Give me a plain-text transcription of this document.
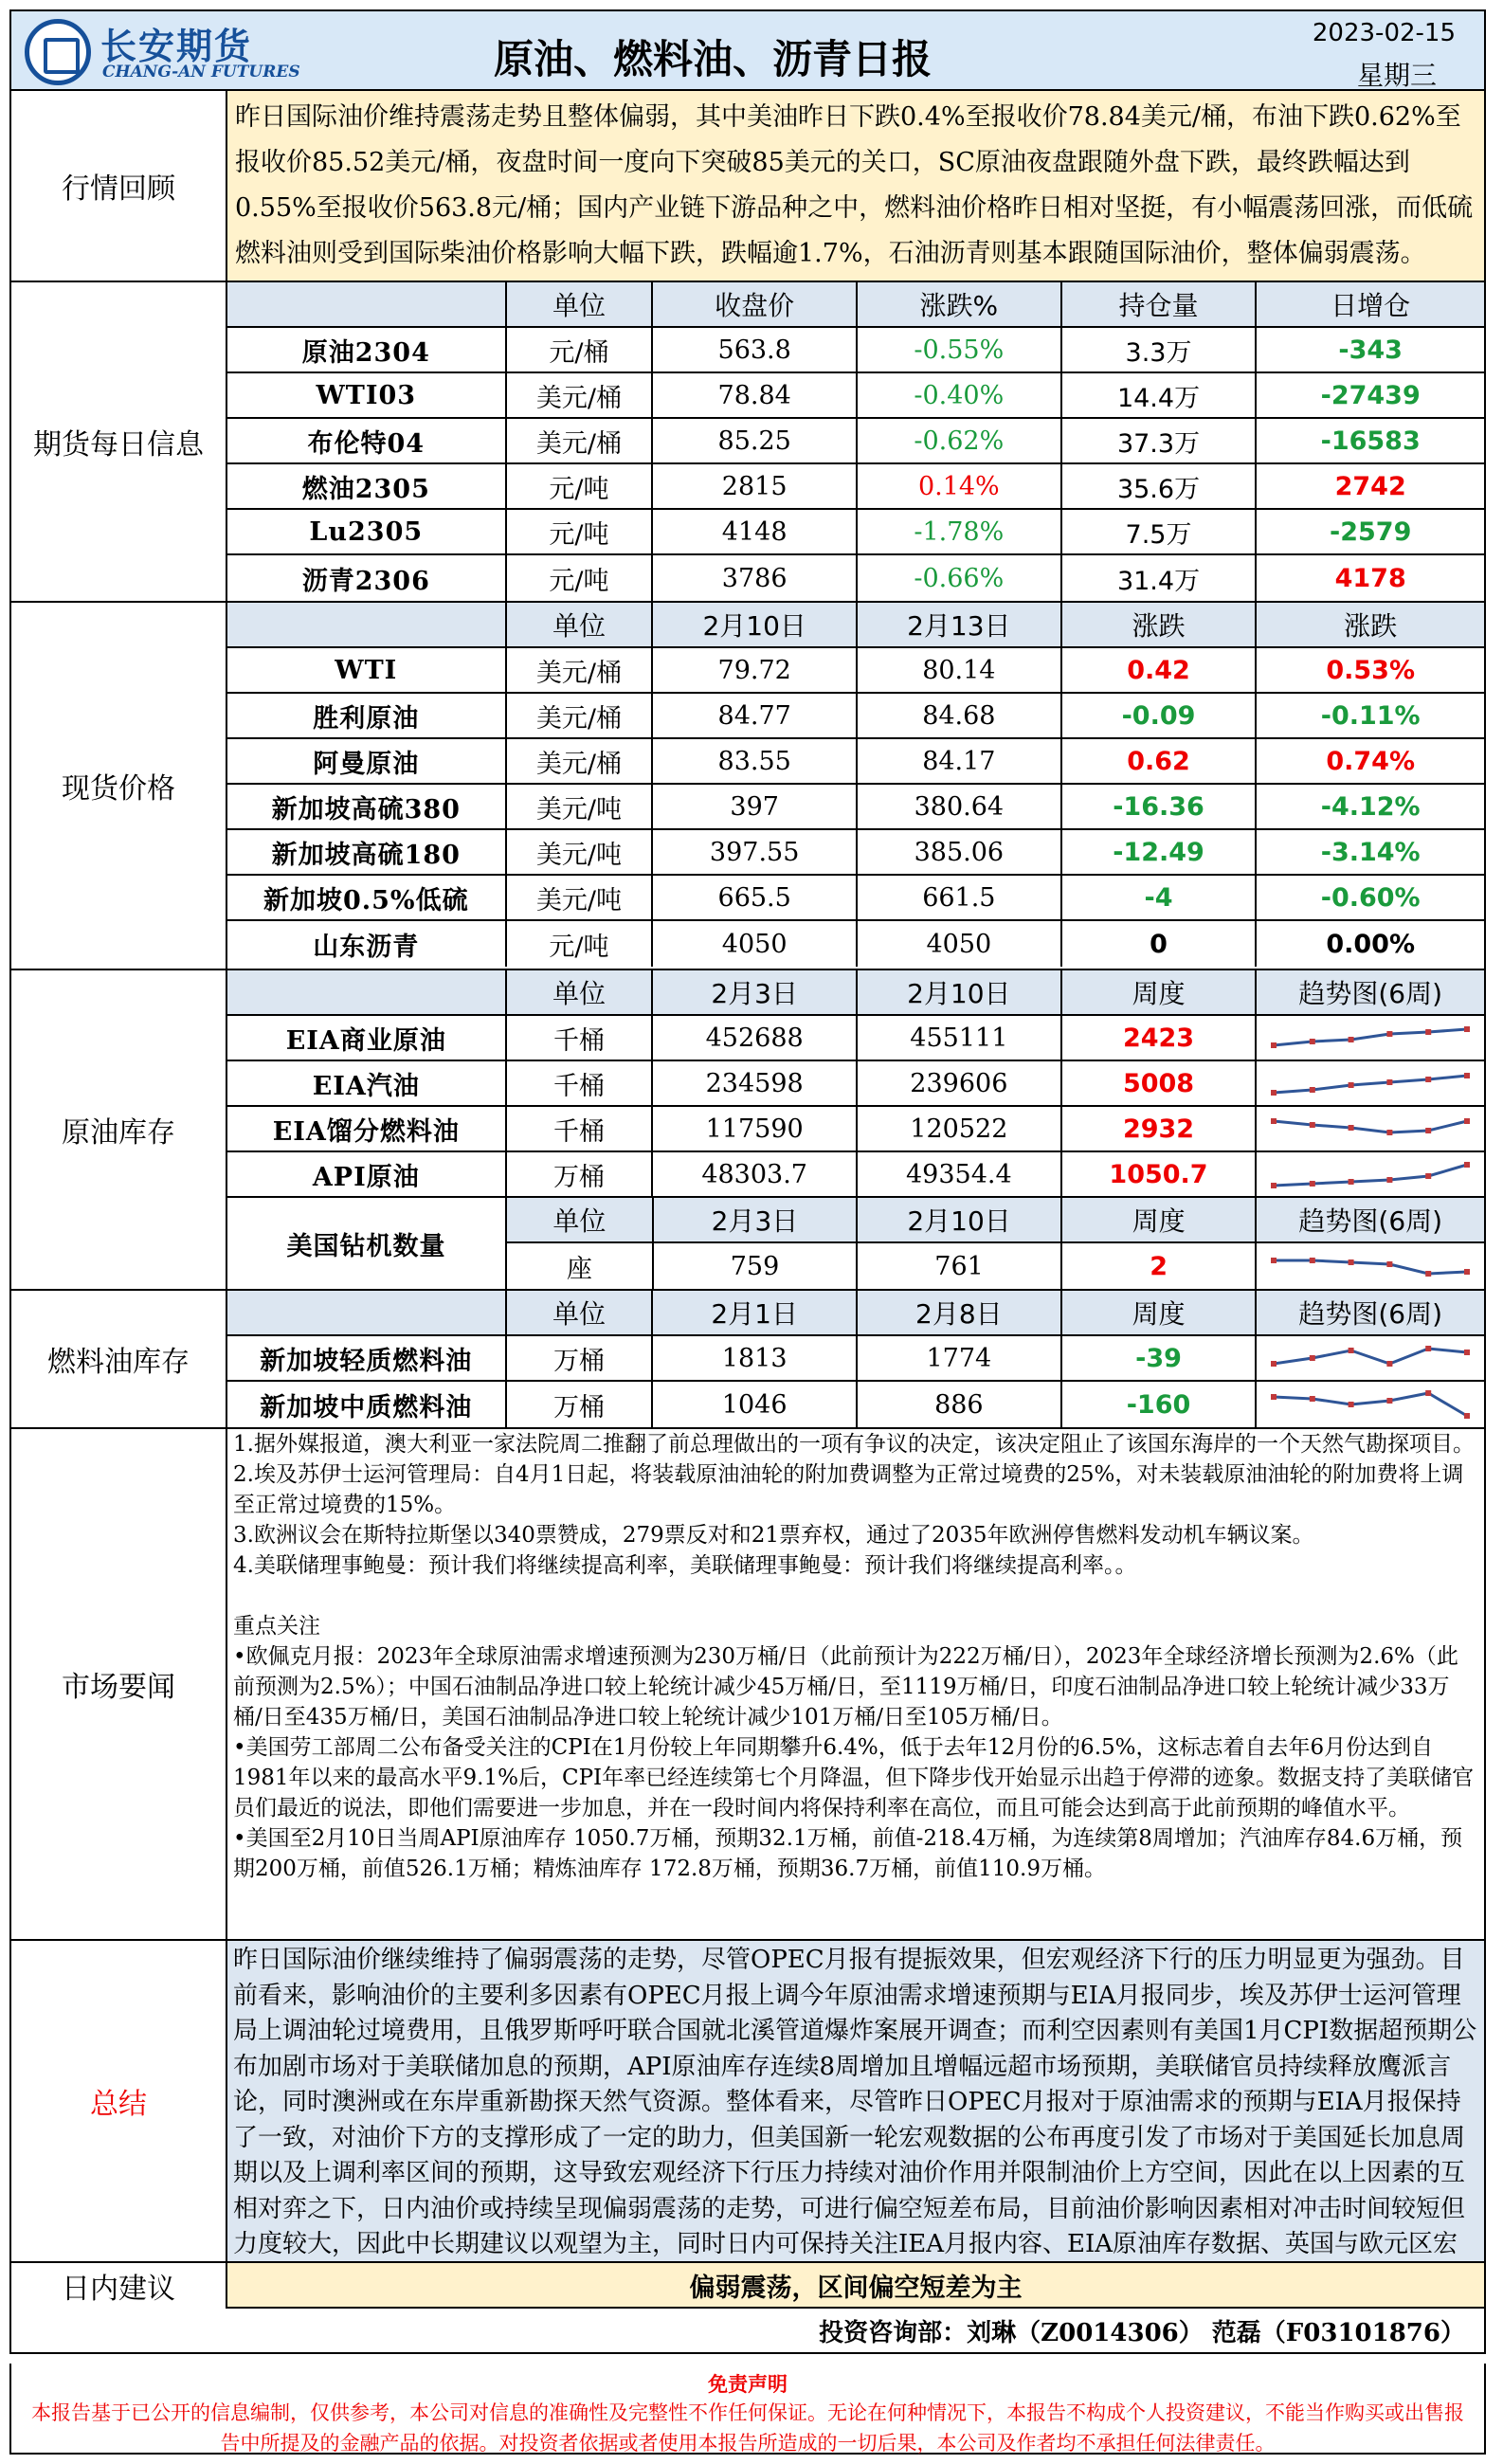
长安期货
CHANG-AN FUTURES	原油、燃料油、沥青日报
2023-02-15
星期三
行情回顾
昨日国际油价维持震荡走势且整体偏弱，其中美油昨日下跌0.4%至报收价78.84美元/桶，布油下跌0.62%至报收价85.52美元/桶，夜盘时间一度向下突破85美元的关口，SC原油夜盘跟随外盘下跌，最终跌幅达到0.55%至报收价563.8元/桶；国内产业链下游品种之中，燃料油价格昨日相对坚挺，有小幅震荡回涨，而低硫燃料油则受到国际柴油价格影响大幅下跌，跌幅逾1.7%，石油沥青则基本跟随国际油价，整体偏弱震荡。
期货每日信息
单位	收盘价	涨跌%	持仓量	日增仓
原油2304	元/桶	563.8	-0.55%	3.3万	-343
WTI03	美元/桶	78.84	-0.40%	14.4万	-27439
布伦特04	美元/桶	85.25	-0.62%	37.3万	-16583
燃油2305	元/吨	2815	0.14%	35.6万	2742
Lu2305	元/吨	4148	-1.78%	7.5万	-2579
沥青2306	元/吨	3786	-0.66%	31.4万	4178
现货价格
单位	2月10日	2月13日	涨跌	涨跌
WTI	美元/桶	79.72	80.14	0.42	0.53%
胜利原油	美元/桶	84.77	84.68	-0.09	-0.11%
阿曼原油	美元/桶	83.55	84.17	0.62	0.74%
新加坡高硫380	美元/吨	397	380.64	-16.36	-4.12%
新加坡高硫180	美元/吨	397.55	385.06	-12.49	-3.14%
新加坡0.5%低硫	美元/吨	665.5	661.5	-4	-0.60%
山东沥青	元/吨	4050	4050	0	0.00%
原油库存
单位	2月3日	2月10日	周度	趋势图(6周)
EIA商业原油	千桶	452688	455111	2423
EIA汽油	千桶	234598	239606	5008
EIA馏分燃料油	千桶	117590	120522	2932
API原油	万桶	48303.7	49354.4	1050.7
美国钻机数量
单位	2月3日	2月10日	周度	趋势图(6周)
座	759	761	2
燃料油库存
单位	2月1日	2月8日	周度	趋势图(6周)
新加坡轻质燃料油	万桶	1813	1774	-39
新加坡中质燃料油	万桶	1046	886	-160
市场要闻
1.据外媒报道，澳大利亚一家法院周二推翻了前总理做出的一项有争议的决定，该决定阻止了该国东海岸的一个天然气勘探项目。
2.埃及苏伊士运河管理局：自4月1日起，将装载原油油轮的附加费调整为正常过境费的25%，对未装载原油油轮的附加费将上调至正常过境费的15%。
3.欧洲议会在斯特拉斯堡以340票赞成，279票反对和21票弃权，通过了2035年欧洲停售燃料发动机车辆议案。
4.美联储理事鲍曼：预计我们将继续提高利率，美联储理事鲍曼：预计我们将继续提高利率。。

重点关注
•欧佩克月报：2023年全球原油需求增速预测为230万桶/日（此前预计为222万桶/日），2023年全球经济增长预测为2.6%（此前预测为2.5%）；中国石油制品净进口较上轮统计减少45万桶/日，至1119万桶/日，印度石油制品净进口较上轮统计减少33万桶/日至435万桶/日，美国石油制品净进口较上轮统计减少101万桶/日至105万桶/日。
•美国劳工部周二公布备受关注的CPI在1月份较上年同期攀升6.4%，低于去年12月份的6.5%，这标志着自去年6月份达到自1981年以来的最高水平9.1%后，CPI年率已经连续第七个月降温，但下降步伐开始显示出趋于停滞的迹象。数据支持了美联储官员们最近的说法，即他们需要进一步加息，并在一段时间内将保持利率在高位，而且可能会达到高于此前预期的峰值水平。
•美国至2月10日当周API原油库存 1050.7万桶，预期32.1万桶，前值-218.4万桶，为连续第8周增加；汽油库存84.6万桶，预期200万桶，前值526.1万桶；精炼油库存 172.8万桶，预期36.7万桶，前值110.9万桶。
总结
昨日国际油价继续维持了偏弱震荡的走势，尽管OPEC月报有提振效果，但宏观经济下行的压力明显更为强劲。目前看来，影响油价的主要利多因素有OPEC月报上调今年原油需求增速预期与EIA月报同步，埃及苏伊士运河管理局上调油轮过境费用，且俄罗斯呼吁联合国就北溪管道爆炸案展开调查；而利空因素则有美国1月CPI数据超预期公布加剧市场对于美联储加息的预期，API原油库存连续8周增加且增幅远超市场预期，美联储官员持续释放鹰派言论，同时澳洲或在东岸重新勘探天然气资源。整体看来，尽管昨日OPEC月报对于原油需求的预期与EIA月报保持了一致，对油价下方的支撑形成了一定的助力，但美国新一轮宏观数据的公布再度引发了市场对于美国延长加息周期以及上调利率区间的预期，这导致宏观经济下行压力持续对油价作用并限制油价上方空间，因此在以上因素的互相对弈之下，日内油价或持续呈现偏弱震荡的走势，可进行偏空短差布局，目前油价影响因素相对冲击时间较短但力度较大，因此中长期建议以观望为主，同时日内可保持关注IEA月报内容、EIA原油库存数据、英国与欧元区宏
日内建议	偏弱震荡，区间偏空短差为主
投资咨询部：刘琳（Z0014306） 范磊（F03101876）
免责声明
本报告基于已公开的信息编制，仅供参考，本公司对信息的准确性及完整性不作任何保证。无论在何种情况下，本报告不构成个人投资建议，不能当作购买或出售报告中所提及的金融产品的依据。对投资者依据或者使用本报告所造成的一切后果，本公司及作者均不承担任何法律责任。
